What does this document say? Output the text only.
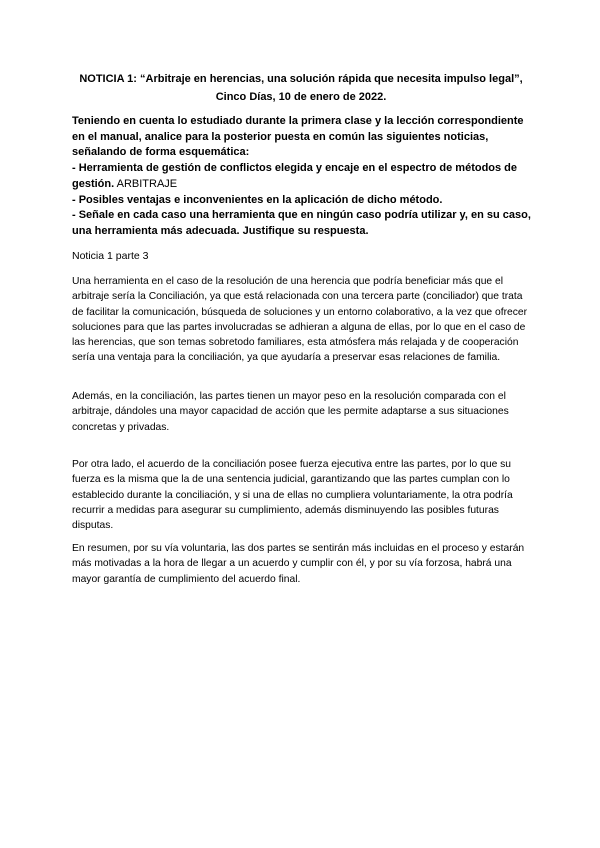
NOTICIA 1: “Arbitraje en herencias, una solución rápida que necesita impulso legal”,
Cinco Días, 10 de enero de 2022.

Teniendo en cuenta lo estudiado durante la primera clase y la lección correspondiente en el manual, analice para la posterior puesta en común las siguientes noticias, señalando de forma esquemática:

- Herramienta de gestión de conflictos elegida y encaje en el espectro de métodos de gestión. ARBITRAJE

- Posibles ventajas e inconvenientes en la aplicación de dicho método.

- Señale en cada caso una herramienta que en ningún caso podría utilizar y, en su caso, una herramienta más adecuada. Justifique su respuesta.

Noticia 1 parte 3

Una herramienta en el caso de la resolución de una herencia que podría beneficiar más que el arbitraje sería la Conciliación, ya que está relacionada con una tercera parte (conciliador) que trata de facilitar la comunicación, búsqueda de soluciones y un entorno colaborativo, a la vez que ofrecer soluciones para que las partes involucradas se adhieran a alguna de ellas, por lo que en el caso de las herencias, que son temas sobretodo familiares, esta atmósfera más relajada y de cooperación sería una ventaja para la conciliación, ya que ayudaría a preservar esas relaciones de familia.

Además, en la conciliación, las partes tienen un mayor peso en la resolución comparada con el arbitraje, dándoles una mayor capacidad de acción que les permite adaptarse a sus situaciones concretas y privadas.

Por otra lado, el acuerdo de la conciliación posee fuerza ejecutiva entre las partes, por lo que su fuerza es la misma que la de una sentencia judicial, garantizando que las partes cumplan con lo establecido durante la conciliación, y si una de ellas no cumpliera voluntariamente, la otra podría recurrir a medidas para asegurar su cumplimiento, además disminuyendo las posibles futuras disputas.

En resumen, por su vía voluntaria, las dos partes se sentirán más incluidas en el proceso y estarán más motivadas a la hora de llegar a un acuerdo y cumplir con él, y por su vía forzosa, habrá una mayor garantía de cumplimiento del acuerdo final.
